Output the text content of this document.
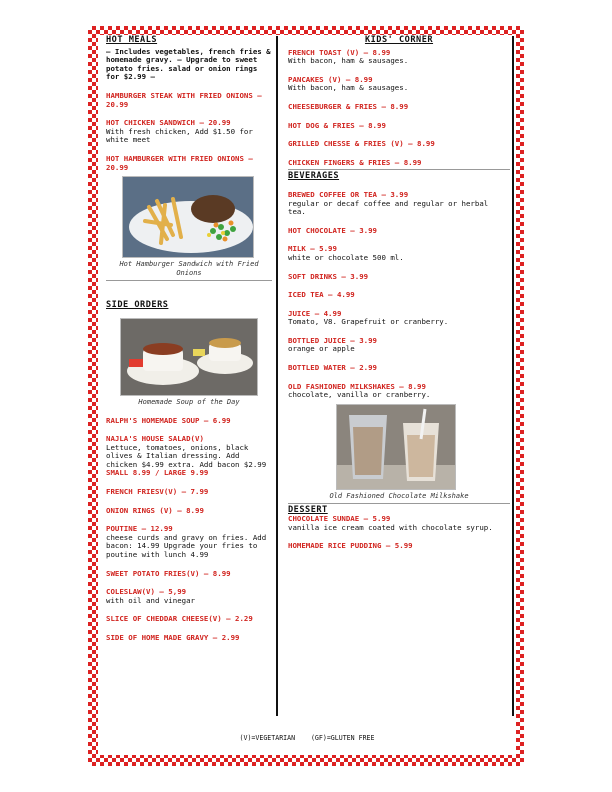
HOT MEALS

– Includes vegetables, french fries & homemade gravy. – Upgrade to sweet potato fries. salad or onion rings for $2.99 –

HAMBURGER STEAK WITH FRIED ONIONS – 20.99

HOT CHICKEN SANDWICH – 20.99

With fresh chicken, Add $1.50 for white meet

HOT HAMBURGER WITH FRIED ONIONS – 20.99

Hot Hamburger Sandwich with Fried Onions

SIDE ORDERS

Homemade Soup of the Day

RALPH'S HOMEMADE SOUP – 6.99

NAJLA'S HOUSE SALAD(V)

Lettuce, tomatoes, onions, black olives & Italian dressing. Add chicken $4.99 extra. Add bacon $2.99

SMALL 8.99 / LARGE 9.99

FRENCH FRIESV(V) – 7.99

ONION RINGS (V) – 8.99

POUTINE – 12.99

cheese curds and gravy on fries. Add bacon: 14.99 Upgrade your fries to poutine with lunch 4.99

SWEET POTATO FRIES(V) – 8.99

COLESLAW(V) – 5,99

with oil and vinegar

SLICE OF CHEDDAR CHEESE(V) – 2.29

SIDE OF HOME MADE GRAVY – 2.99

KIDS' CORNER

FRENCH TOAST (V) – 8.99

With bacon, ham & sausages.

PANCAKES (V) – 8.99

With bacon, ham & sausages.

CHEESEBURGER & FRIES – 8.99

HOT DOG & FRIES – 8.99

GRILLED CHESSE & FRIES (V) – 8.99

CHICKEN FINGERS & FRIES – 8.99

BEVERAGES

BREWED COFFEE OR TEA – 3.99

regular or decaf coffee and regular or herbal tea.

HOT CHOCOLATE – 3.99

MILK – 5.99

white or chocolate 500 ml.

SOFT DRINKS – 3.99

ICED TEA – 4.99

JUICE – 4.99

Tomato, V8. Grapefruit or cranberry.

BOTTLED JUICE – 3.99

orange or apple

BOTTLED WATER – 2.99

OLD FASHIONED MILKSHAKES – 8.99

chocolate, vanilla or cranberry.

Old Fashioned Chocolate Milkshake

DESSERT

CHOCOLATE SUNDAE – 5.99

vanilla ice cream coated with chocolate syrup.

HOMEMADE RICE PUDDING – 5.99

(V)=VEGETARIAN    (GF)=GLUTEN FREE
